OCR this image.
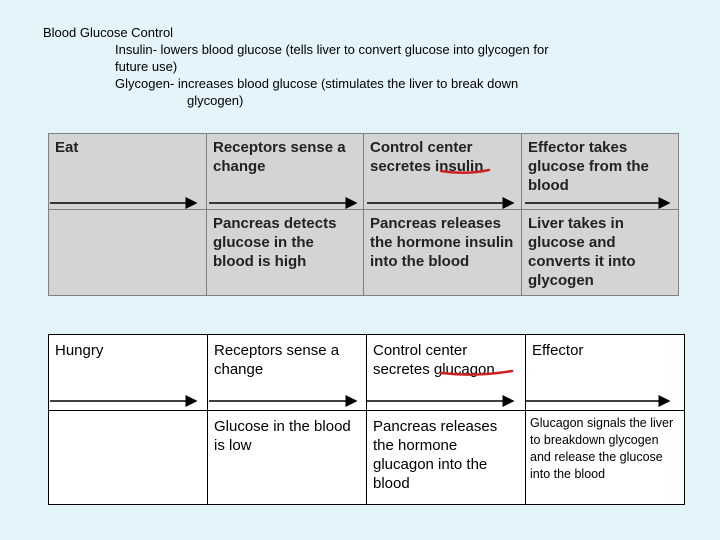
Blood Glucose Control
Insulin- lowers blood glucose (tells liver to convert glucose into glycogen for
future use)
Glycogen- increases blood glucose (stimulates the liver to break down
glycogen)
Eat	Receptors sense a change	Control center secretes insulin	Effector takes glucose from the blood
	Pancreas detects glucose in the blood is high	Pancreas releases the hormone insulin into the blood	Liver takes in glucose and converts it into glycogen
Hungry	Receptors sense a change	Control center secretes glucagon	Effector
	Glucose in the blood is low	Pancreas releases the hormone glucagon into the blood	Glucagon signals the liver to breakdown glycogen and release the glucose into the blood
